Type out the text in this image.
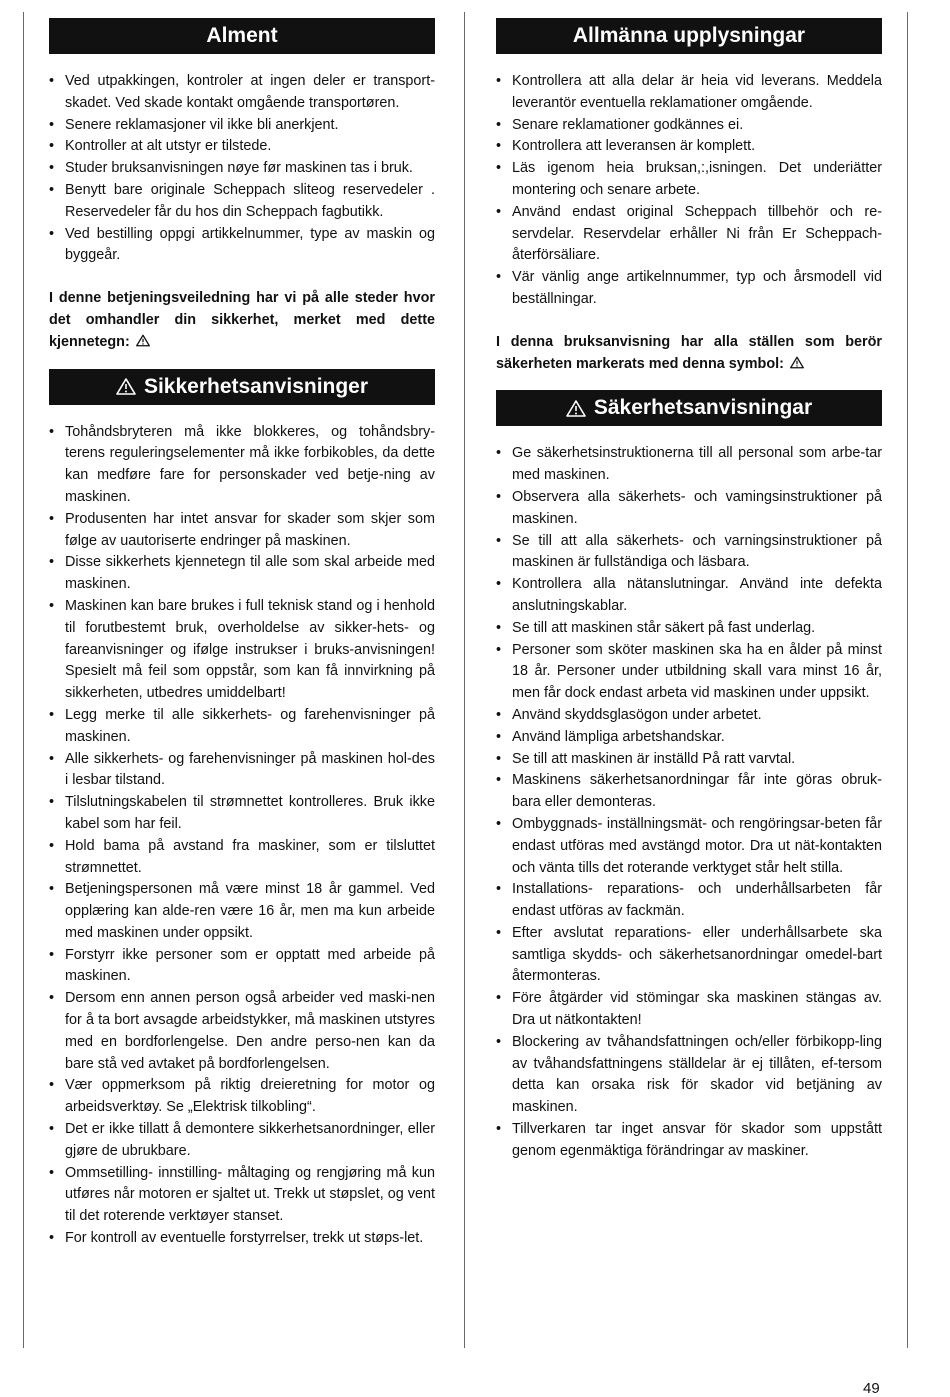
Alment
• Ved utpakkingen, kontroler at ingen deler er transport-skadet. Ved skade kontakt omgående transportøren.
• Senere reklamasjoner vil ikke bli anerkjent.
• Kontroller at alt utstyr er tilstede.
• Studer bruksanvisningen nøye før maskinen tas i bruk.
• Benytt bare originale Scheppach sliteog reservedeler . Reservedeler får du hos din Scheppach fagbutikk.
• Ved bestilling oppgi artikkelnummer, type av maskin og byggeår.

I denne betjeningsveiledning har vi på alle steder hvor det omhandler din sikkerhet, merket med dette kjennetegn:

Sikkerhetsanvisninger
• Tohåndsbryteren må ikke blokkeres, og tohåndsbry-terens reguleringselementer må ikke forbikobles, da dette kan medføre fare for personskader ved betje-ning av maskinen.
• Produsenten har intet ansvar for skader som skjer som følge av uautoriserte endringer på maskinen.
• Disse sikkerhets kjennetegn til alle som skal arbeide med maskinen.
• Maskinen kan bare brukes i full teknisk stand og i henhold til forutbestemt bruk, overholdelse av sikker-hets- og fareanvisninger og ifølge instrukser i bruks-anvisningen! Spesielt må feil som oppstår, som kan få innvirkning på sikkerheten, utbedres umiddelbart!
• Legg merke til alle sikkerhets- og farehenvisninger på maskinen.
• Alle sikkerhets- og farehenvisninger på maskinen hol-des i lesbar tilstand.
• Tilslutningskabelen til strømnettet kontrolleres. Bruk ikke kabel som har feil.
• Hold bama på avstand fra maskiner, som er tilsluttet strømnettet.
• Betjeningspersonen må være minst 18 år gammel. Ved opplæring kan alde-ren være 16 år, men ma kun arbeide med maskinen under oppsikt.
• Forstyrr ikke personer som er opptatt med arbeide på maskinen.
• Dersom enn annen person også arbeider ved maski-nen for å ta bort avsagde arbeidstykker, må maskinen utstyres med en bordforlengelse. Den andre perso-nen kan da bare stå ved avtaket på bordforlengelsen.
• Vær oppmerksom på riktig dreieretning for motor og arbeidsverktøy. Se „Elektrisk tilkobling“.
• Det er ikke tillatt å demontere sikkerhetsanordninger, eller gjøre de ubrukbare.
• Ommsetilling- innstilling- måltaging og rengjøring må kun utføres når motoren er sjaltet ut. Trekk ut støpslet, og vent til det roterende verktøyer stanset.
• For kontroll av eventuelle forstyrrelser, trekk ut støps-let.
Allmänna upplysningar
• Kontrollera att alla delar är heia vid leverans. Meddela leverantör eventuella reklamationer omgående.
• Senare reklamationer godkännes ei.
• Kontrollera att leveransen är komplett.
• Läs igenom heia bruksan,:,isningen. Det underiätter montering och senare arbete.
• Använd endast original Scheppach tillbehör och re-servdelar. Reservdelar erhåller Ni från Er Scheppach-återförsäliare.
• Vär vänlig ange artikelnnummer, typ och årsmodell vid beställningar.

I denna bruksanvisning har alla ställen som berör säkerheten markerats med denna symbol:

Säkerhetsanvisningar
• Ge säkerhetsinstruktionerna till all personal som arbe-tar med maskinen.
• Observera alla säkerhets- och vamingsinstruktioner på maskinen.
• Se till att alla säkerhets- och varningsinstruktioner på maskinen är fullständiga och läsbara.
• Kontrollera alla nätanslutningar. Använd inte defekta anslutningskablar.
• Se till att maskinen står säkert på fast underlag.
• Personer som sköter maskinen ska ha en ålder på minst 18 år. Personer under utbildning skall vara minst 16 år, men får dock endast arbeta vid maskinen under uppsikt.
• Använd skyddsglasögon under arbetet.
• Använd lämpliga arbetshandskar.
• Se till att maskinen är inställd På ratt varvtal.
• Maskinens säkerhetsanordningar får inte göras obruk-bara eller demonteras.
• Ombyggnads- inställningsmät- och rengöringsar-beten får endast utföras med avstängd motor. Dra ut nät-kontakten och vänta tills det roterande verktyget står helt stilla.
• Installations- reparations- och underhållsarbeten får endast utföras av fackmän.
• Efter avslutat reparations- eller underhållsarbete ska samtliga skydds- och säkerhetsanordningar omedel-bart återmonteras.
• Före åtgärder vid stömingar ska maskinen stängas av. Dra ut nätkontakten!
• Blockering av tvåhandsfattningen och/eller förbikopp-ling av tvåhandsfattningens ställdelar är ej tillåten, ef-tersom detta kan orsaka risk för skador vid betjäning av maskinen.
• Tillverkaren tar inget ansvar för skador som uppstått genom egenmäktiga förändringar av maskiner.
49
